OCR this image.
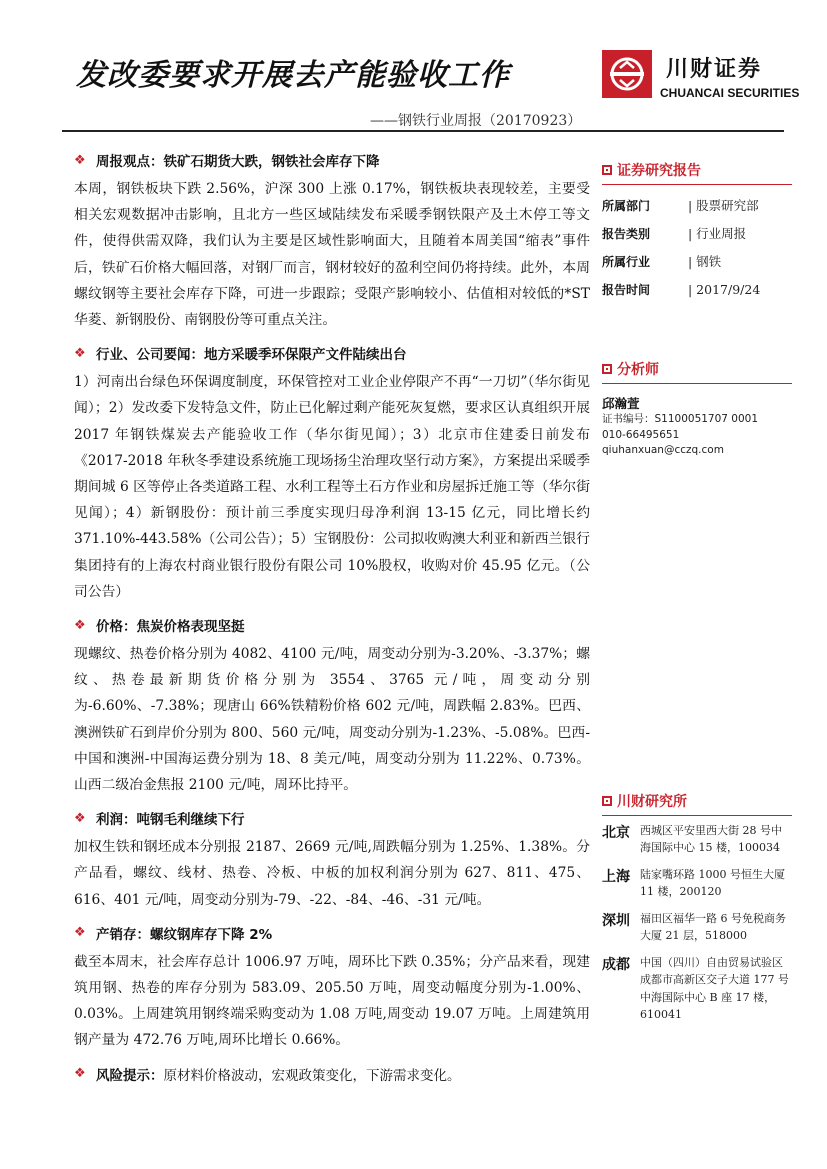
发改委要求开展去产能验收工作
——钢铁行业周报（20170923）
川财证券
CHUANCAI SECURITIES
❖ 周报观点：铁矿石期货大跌，钢铁社会库存下降

本周，钢铁板块下跌 2.56%，沪深 300 上涨 0.17%，钢铁板块表现较差，主要受相关宏观数据冲击影响，且北方一些区域陆续发布采暖季钢铁限产及土木停工等文件，使得供需双降，我们认为主要是区域性影响面大，且随着本周美国“缩表”事件后，铁矿石价格大幅回落，对钢厂而言，钢材较好的盈利空间仍将持续。此外，本周螺纹钢等主要社会库存下降，可进一步跟踪；受限产影响较小、估值相对较低的*ST 华菱、新钢股份、南钢股份等可重点关注。

❖ 行业、公司要闻：地方采暖季环保限产文件陆续出台

1）河南出台绿色环保调度制度，环保管控对工业企业停限产不再“一刀切”（华尔街见闻）；2）发改委下发特急文件，防止已化解过剩产能死灰复燃，要求区认真组织开展 2017 年钢铁煤炭去产能验收工作（华尔街见闻）；3）北京市住建委日前发布《2017-2018 年秋冬季建设系统施工现场扬尘治理攻坚行动方案》，方案提出采暖季期间城 6 区等停止各类道路工程、水利工程等土石方作业和房屋拆迁施工等（华尔街见闻）；4）新钢股份：预计前三季度实现归母净利润 13-15 亿元，同比增长约 371.10%-443.58%（公司公告）；5）宝钢股份：公司拟收购澳大利亚和新西兰银行集团持有的上海农村商业银行股份有限公司 10%股权，收购对价 45.95 亿元。（公司公告）

❖ 价格：焦炭价格表现坚挺

现螺纹、热卷价格分别为 4082、4100 元/吨，周变动分别为-3.20%、-3.37%；螺纹、热卷最新期货价格分别为 3554、3765 元/吨，周变动分别为-6.60%、-7.38%；现唐山 66%铁精粉价格 602 元/吨，周跌幅 2.83%。巴西、澳洲铁矿石到岸价分别为 800、560 元/吨，周变动分别为-1.23%、-5.08%。巴西-中国和澳洲-中国海运费分别为 18、8 美元/吨，周变动分别为 11.22%、0.73%。山西二级冶金焦报 2100 元/吨，周环比持平。

❖ 利润：吨钢毛利继续下行

加权生铁和钢坯成本分别报 2187、2669 元/吨,周跌幅分别为 1.25%、1.38%。分产品看，螺纹、线材、热卷、冷板、中板的加权利润分别为 627、811、475、616、401 元/吨，周变动分别为-79、-22、-84、-46、-31 元/吨。

❖ 产销存：螺纹钢库存下降 2%

截至本周末，社会库存总计 1006.97 万吨，周环比下跌 0.35%；分产品来看，现建筑用钢、热卷的库存分别为 583.09、205.50 万吨，周变动幅度分别为-1.00%、0.03%。上周建筑用钢终端采购变动为 1.08 万吨,周变动 19.07 万吨。上周建筑用钢产量为 472.76 万吨,周环比增长 0.66%。

❖ 风险提示： 原材料价格波动，宏观政策变化，下游需求变化。
证券研究报告
所属部门	| 股票研究部
报告类别	| 行业周报
所属行业	| 钢铁
报告时间	| 2017/9/24
分析师
邱瀚萱
证书编号：S1100051707 0001
010-66495651
qiuhanxuan@cczq.com
川财研究所
北京 西城区平安里西大街 28 号中海国际中心 15 楼，100034
上海 陆家嘴环路 1000 号恒生大厦 11 楼，200120
深圳 福田区福华一路 6 号免税商务大厦 21 层，518000
成都 中国（四川）自由贸易试验区成都市高新区交子大道 177 号中海国际中心 B 座 17 楼，610041
